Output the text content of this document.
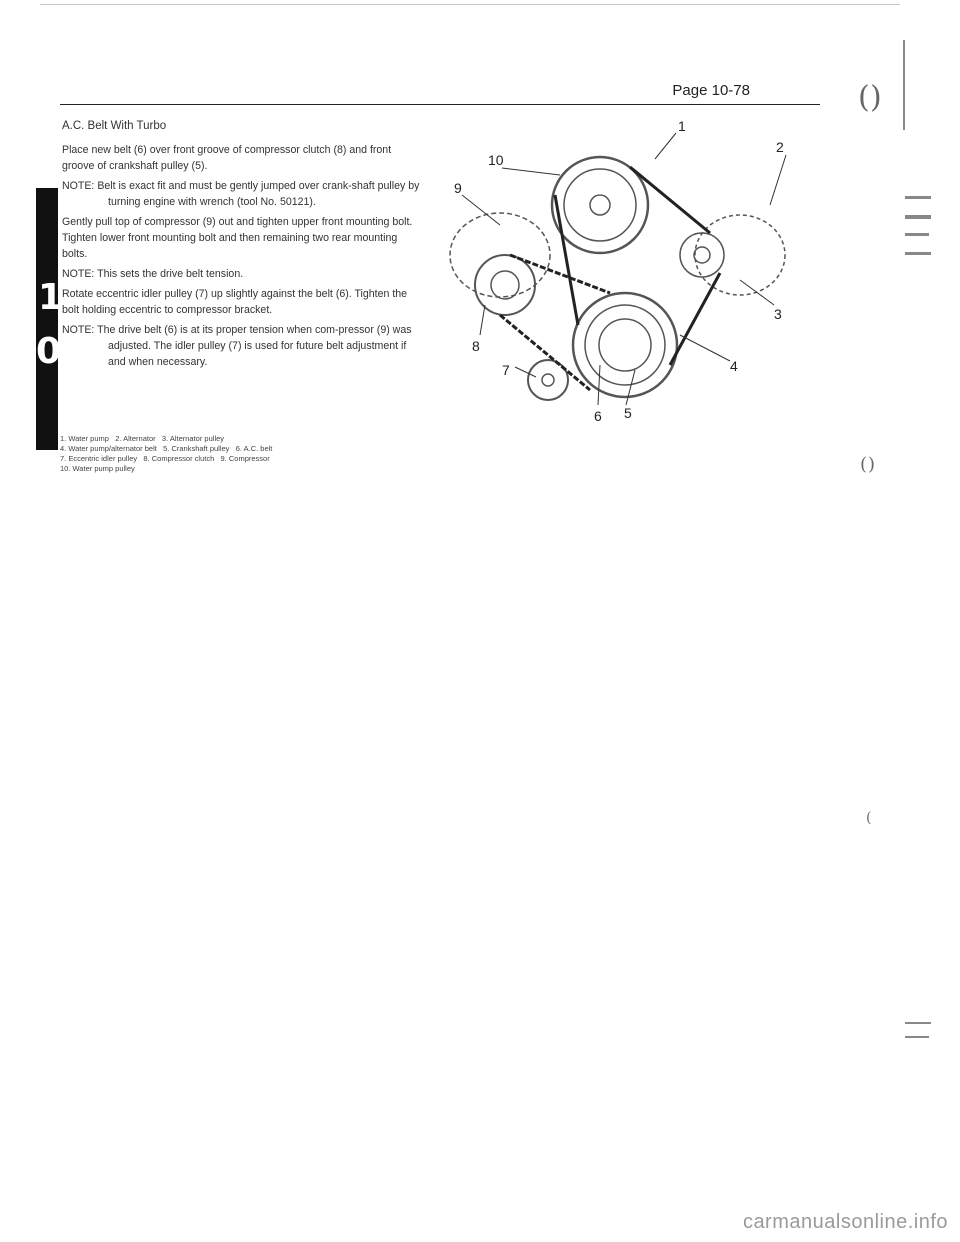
Page 10-78	( )
1
0
A.C. Belt With Turbo

Place new belt (6) over front groove of compressor clutch (8) and front groove of crankshaft pulley (5).

NOTE: Belt is exact fit and must be gently jumped over crank-shaft pulley by turning engine with wrench (tool No. 50121).

Gently pull top of compressor (9) out and tighten upper front mounting bolt. Tighten lower front mounting bolt and then remaining two rear mounting bolts.

NOTE: This sets the drive belt tension.

Rotate eccentric idler pulley (7) up slightly against the belt (6). Tighten the bolt holding eccentric to compressor bracket.

NOTE: The drive belt (6) is at its proper tension when com-pressor (9) was adjusted. The idler pulley (7) is used for future belt adjustment if and when necessary.

1. Water pump 2. Alternator 3. Alternator pulley
4. Water pump/alternator belt 5. Crankshaft pulley 6. A.C. belt
7. Eccentric idler pulley 8. Compressor clutch 9. Compressor
10. Water pump pulley
1
2
3
4
5
6
7
8
9
10
( )
(
carmanualsonline.info
